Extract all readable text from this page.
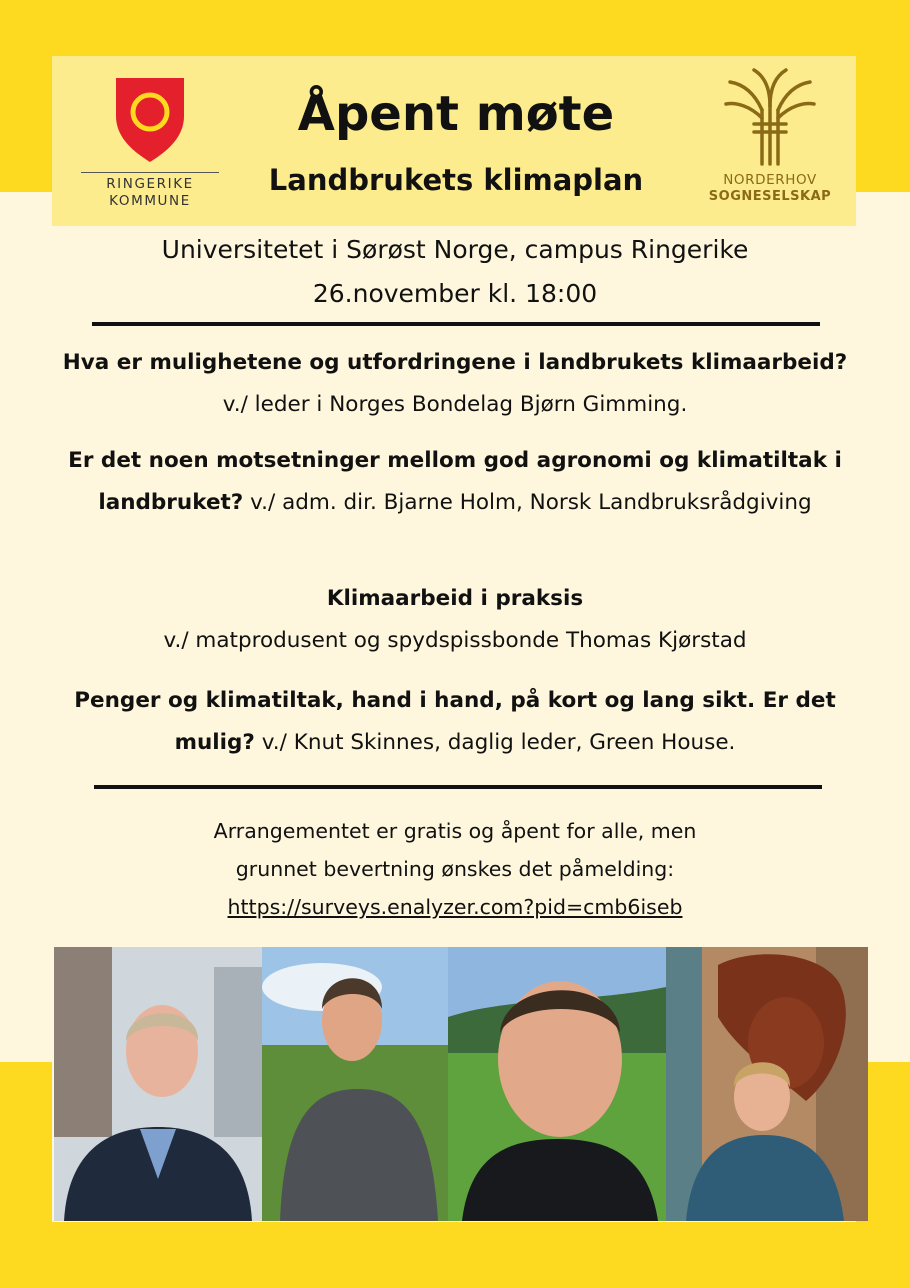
RINGERIKE
KOMMUNE
NORDERHOV
SOGNESELSKAP
Åpent møte
Landbrukets klimaplan
Universitetet i Sørøst Norge, campus Ringerike
26.november kl. 18:00
Hva er mulighetene og utfordringene i landbrukets klimaarbeid? v./ leder i Norges Bondelag Bjørn Gimming.
Er det noen motsetninger mellom god agronomi og klimatiltak i landbruket? v./ adm. dir. Bjarne Holm, Norsk Landbruksrådgiving
Klimaarbeid i praksis
v./ matprodusent og spydspissbonde Thomas Kjørstad
Penger og klimatiltak, hand i hand, på kort og lang sikt. Er det mulig? v./ Knut Skinnes, daglig leder, Green House.
Arrangementet er gratis og åpent for alle, men
grunnet bevertning ønskes det påmelding:
https://surveys.enalyzer.com?pid=cmb6iseb
